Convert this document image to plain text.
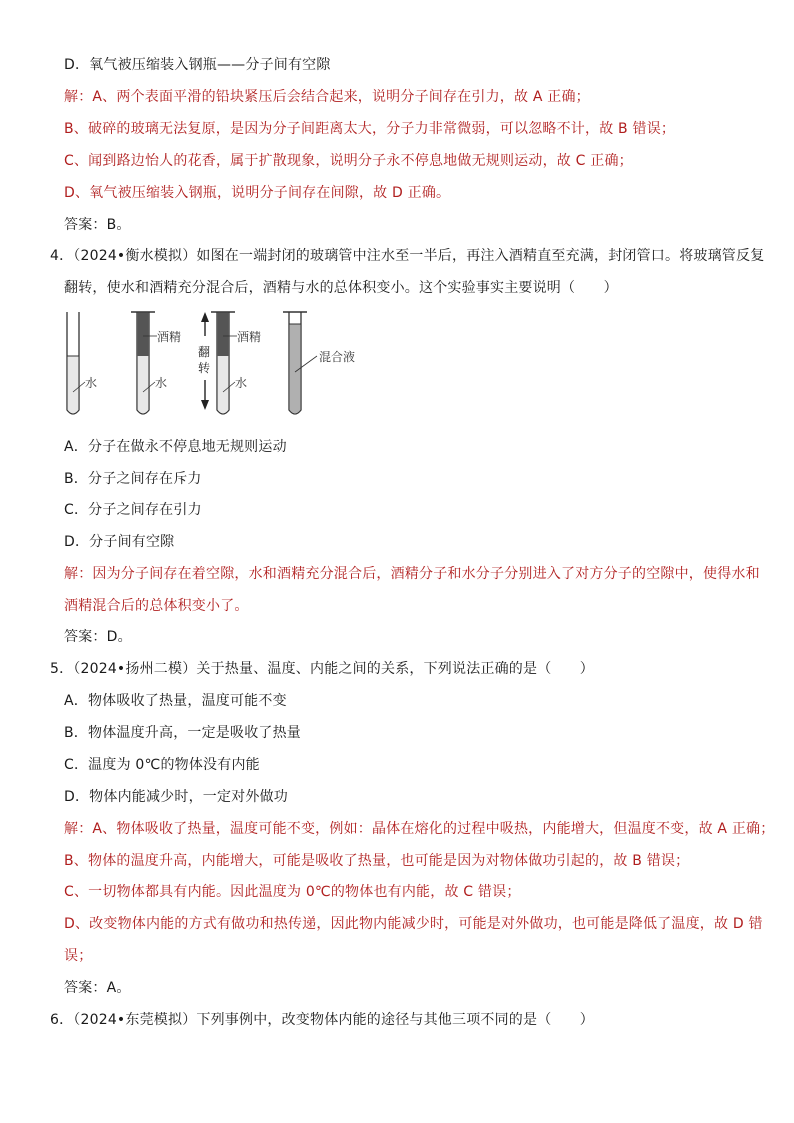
D．氧气被压缩装入钢瓶——分子间有空隙
解：A、两个表面平滑的铅块紧压后会结合起来，说明分子间存在引力，故 A 正确；
B、破碎的玻璃无法复原，是因为分子间距离太大，分子力非常微弱，可以忽略不计，故 B 错误；
C、闻到路边怡人的花香，属于扩散现象，说明分子永不停息地做无规则运动，故 C 正确；
D、氧气被压缩装入钢瓶，说明分子间存在间隙，故 D 正确。
答案：B。
4．（2024•衡水模拟）如图在一端封闭的玻璃管中注水至一半后，再注入酒精直至充满，封闭管口。将玻璃管反复
翻转，使水和酒精充分混合后，酒精与水的总体积变小。这个实验事实主要说明（　　）
水
酒精
水
翻
转
酒精
水
混合液
A．分子在做永不停息地无规则运动
B．分子之间存在斥力
C．分子之间存在引力
D．分子间有空隙
解：因为分子间存在着空隙，水和酒精充分混合后，酒精分子和水分子分别进入了对方分子的空隙中，使得水和
酒精混合后的总体积变小了。
答案：D。
5．（2024•扬州二模）关于热量、温度、内能之间的关系，下列说法正确的是（　　）
A．物体吸收了热量，温度可能不变
B．物体温度升高，一定是吸收了热量
C．温度为 0℃的物体没有内能
D．物体内能减少时，一定对外做功
解：A、物体吸收了热量，温度可能不变，例如：晶体在熔化的过程中吸热，内能增大，但温度不变，故 A 正确；
B、物体的温度升高，内能增大，可能是吸收了热量，也可能是因为对物体做功引起的，故 B 错误；
C、一切物体都具有内能。因此温度为 0℃的物体也有内能，故 C 错误；
D、改变物体内能的方式有做功和热传递，因此物内能减少时，可能是对外做功，也可能是降低了温度，故 D 错
误；
答案：A。
6．（2024•东莞模拟）下列事例中，改变物体内能的途径与其他三项不同的是（　　）
